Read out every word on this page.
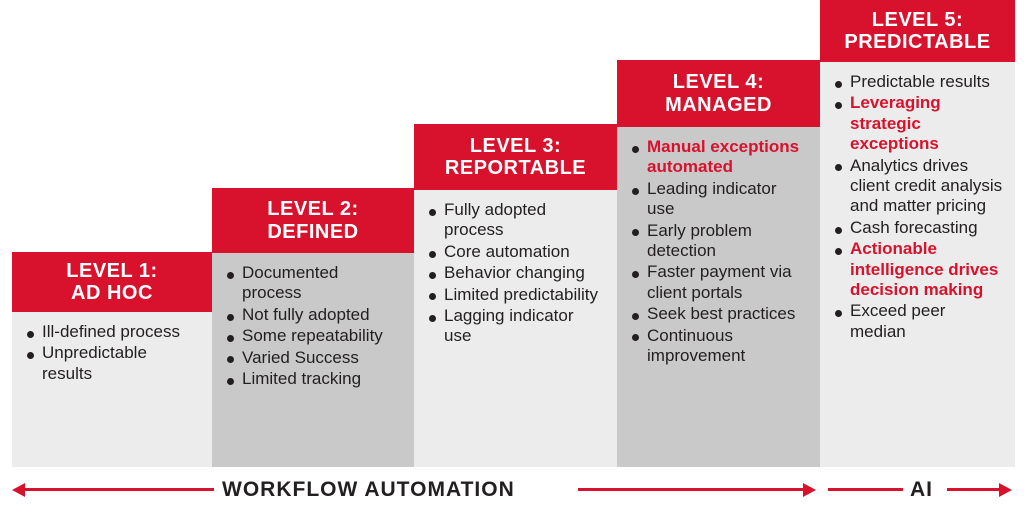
LEVEL 1:
AD HOC
Ill-defined process
Unpredictable results
LEVEL 2:
DEFINED
Documented process
Not fully adopted
Some repeatability
Varied Success
Limited tracking
LEVEL 3:
REPORTABLE
Fully adopted process
Core automation
Behavior changing
Limited predictability
Lagging indicator use
LEVEL 4:
MANAGED
Manual exceptions automated
Leading indicator use
Early problem detection
Faster payment via client portals
Seek best practices
Continuous improvement
LEVEL 5:
PREDICTABLE
Predictable results
Leveraging strategic exceptions
Analytics drives client credit analysis and matter pricing
Cash forecasting
Actionable intelligence drives decision making
Exceed peer median
WORKFLOW AUTOMATION	AI
